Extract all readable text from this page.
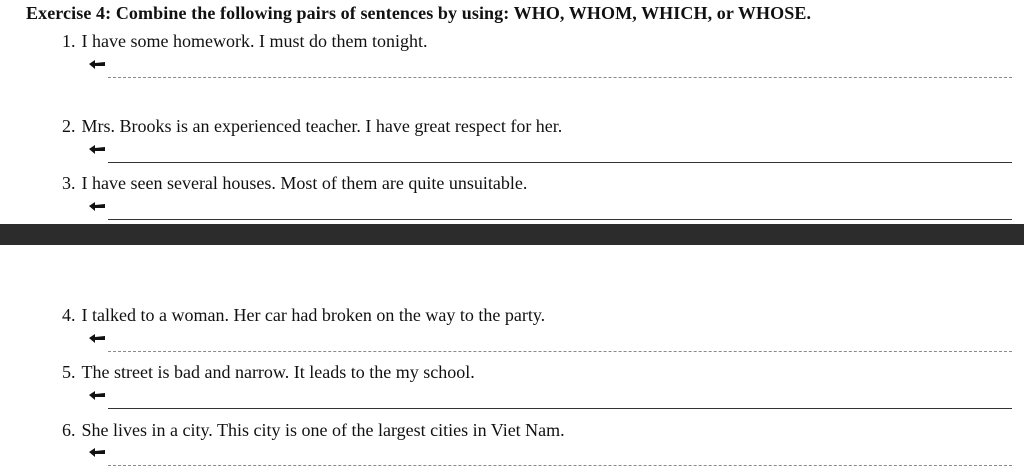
Exercise 4: Combine the following pairs of sentences by using: WHO, WHOM, WHICH, or WHOSE.
1. I have some homework. I must do them tonight.
2. Mrs. Brooks is an experienced teacher. I have great respect for her.
3. I have seen several houses. Most of them are quite unsuitable.
4. I talked to a woman. Her car had broken on the way to the party.
5. The street is bad and narrow. It leads to the my school.
6. She lives in a city. This city is one of the largest cities in Viet Nam.
